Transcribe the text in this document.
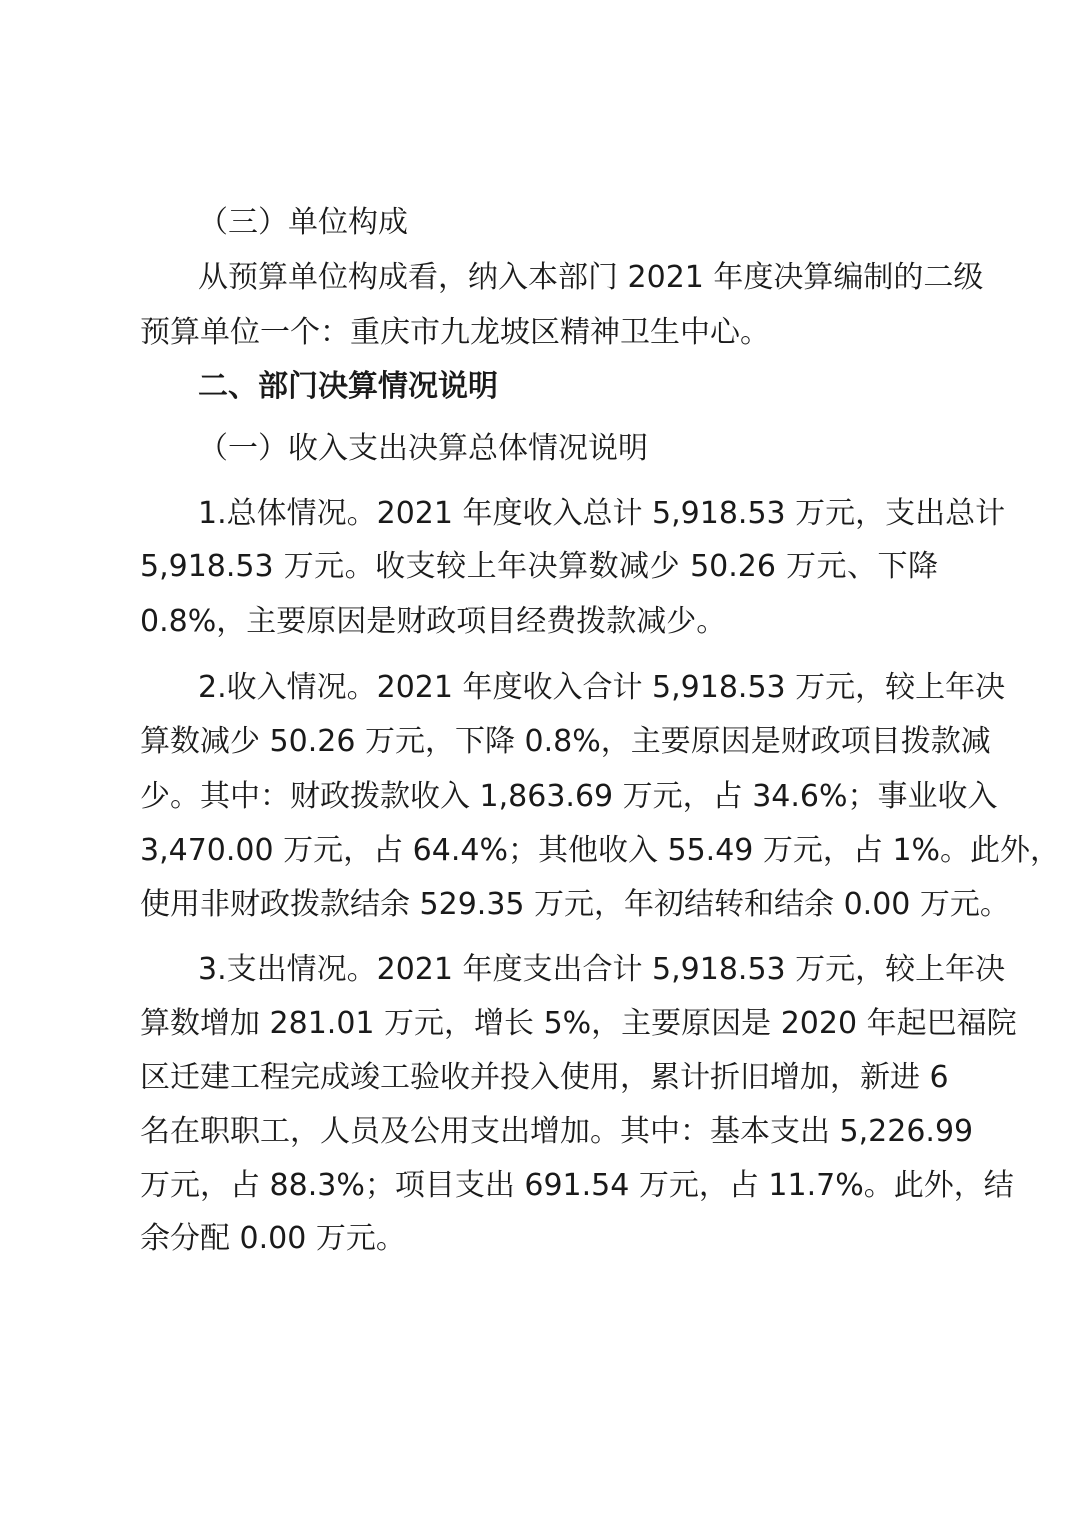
（三）单位构成
从预算单位构成看，纳入本部门 2021 年度决算编制的二级
预算单位一个：重庆市九龙坡区精神卫生中心。
二、部门决算情况说明
（一）收入支出决算总体情况说明
1.总体情况。2021 年度收入总计 5,918.53 万元，支出总计
5,918.53 万元。收支较上年决算数减少 50.26 万元、下降
0.8%，主要原因是财政项目经费拨款减少。
2.收入情况。2021 年度收入合计 5,918.53 万元，较上年决
算数减少 50.26 万元，下降 0.8%，主要原因是财政项目拨款减
少。其中：财政拨款收入 1,863.69 万元，占 34.6%；事业收入
3,470.00 万元，占 64.4%；其他收入 55.49 万元，占 1%。此外，
使用非财政拨款结余 529.35 万元，年初结转和结余 0.00 万元。
3.支出情况。2021 年度支出合计 5,918.53 万元，较上年决
算数增加 281.01 万元，增长 5%，主要原因是 2020 年起巴福院
区迁建工程完成竣工验收并投入使用，累计折旧增加，新进 6
名在职职工，人员及公用支出增加。其中：基本支出 5,226.99
万元，占 88.3%；项目支出 691.54 万元，占 11.7%。此外，结
余分配 0.00 万元。
